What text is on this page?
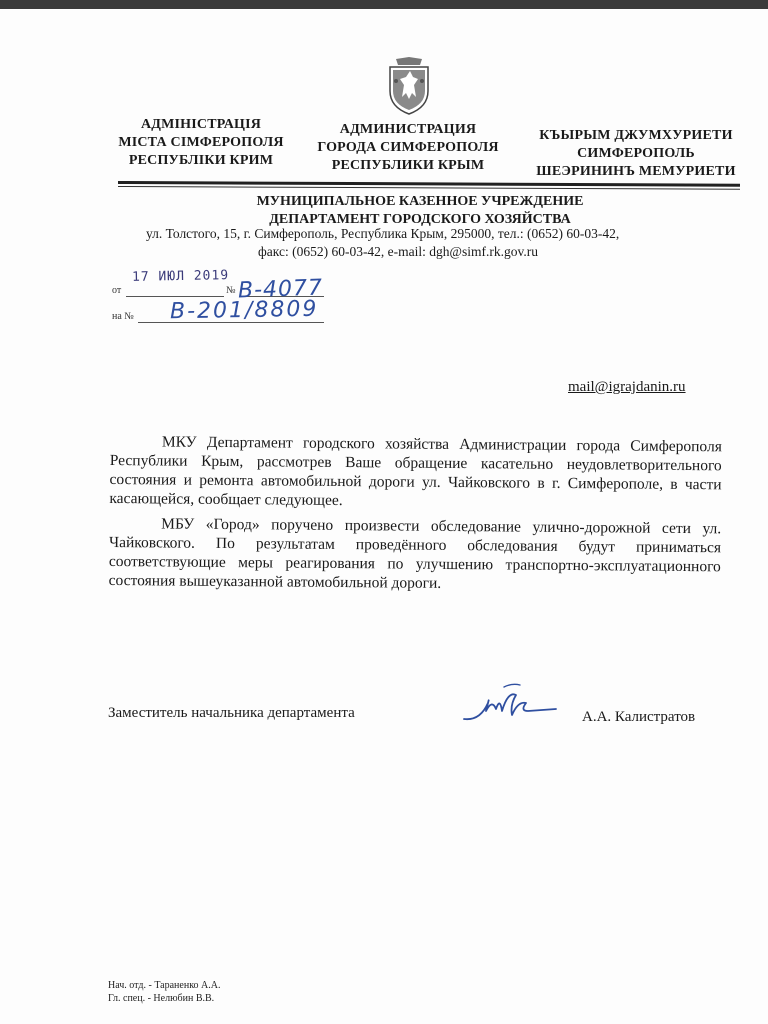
АДМІНІСТРАЦІЯ
МІСТА СІМФЕРОПОЛЯ
РЕСПУБЛІКИ КРИМ
АДМИНИСТРАЦИЯ
ГОРОДА СИМФЕРОПОЛЯ
РЕСПУБЛИКИ КРЫМ
КЪЫРЫМ ДЖУМХУРИЕТИ
СИМФЕРОПОЛЬ
ШЕЭРИНИНЪ МЕМУРИЕТИ
МУНИЦИПАЛЬНОЕ КАЗЕННОЕ УЧРЕЖДЕНИЕ
ДЕПАРТАМЕНТ ГОРОДСКОГО ХОЗЯЙСТВА
ул. Толстого, 15, г. Симферополь, Республика Крым, 295000, тел.: (0652) 60-03-42,
факс: (0652) 60-03-42, e-mail: dgh@simf.rk.gov.ru
от	№
на №
17 ИЮЛ 2019 В-4077
В-201/8809
mail@igrajdanin.ru

МКУ Департамент городского хозяйства Администрации города Симферополя Республики Крым, рассмотрев Ваше обращение касательно неудовлетворительного состояния и ремонта автомобильной дороги ул. Чайковского в г. Симферополе, в части касающейся, сообщает следующее.

МБУ «Город» поручено произвести обследование улично-дорожной сети ул. Чайковского. По результатам проведённого обследования будут приниматься соответствующие меры реагирования по улучшению транспортно-эксплуатационного состояния вышеуказанной автомобильной дороги.

Заместитель начальника департамента	А.А. Калистратов
Нач. отд. - Тараненко А.А.
Гл. спец. - Нелюбин В.В.
